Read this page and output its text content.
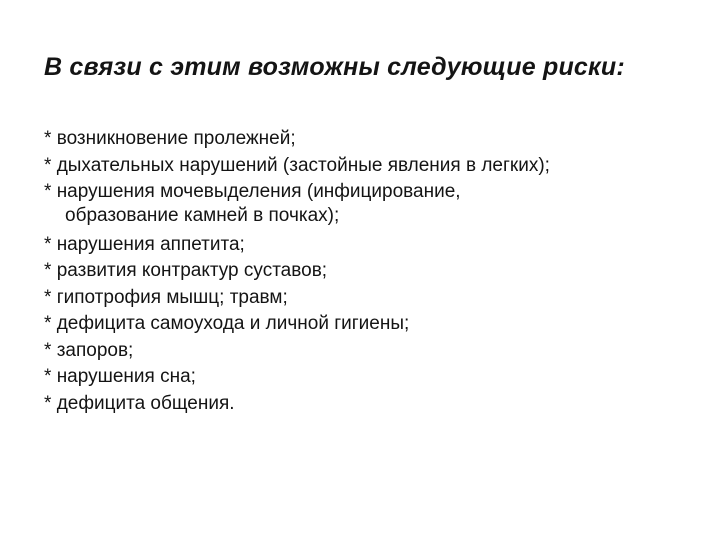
В связи с этим возможны следующие риски:
* возникновение пролежней;
* дыхательных нарушений (застойные явления в легких);
* нарушения мочевыделения (инфицирование,
образование камней в почках);
* нарушения аппетита;
* развития контрактур суставов;
* гипотрофия мышц; травм;
* дефицита самоухода и личной гигиены;
* запоров;
* нарушения сна;
* дефицита общения.
